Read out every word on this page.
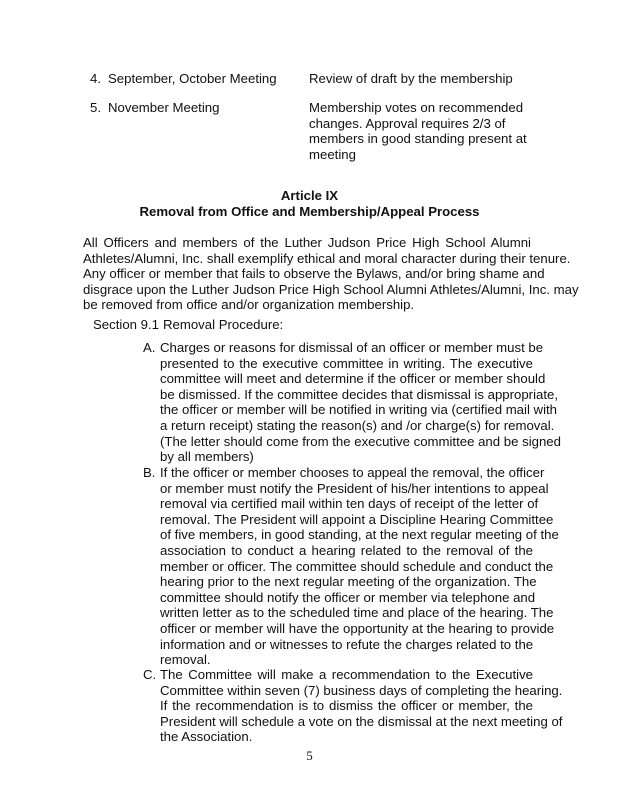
4. September, October Meeting	Review of draft by the membership
5. November Meeting	Membership votes on recommended
changes. Approval requires 2/3 of
members in good standing present at
meeting
Article IX
Removal from Office and Membership/Appeal Process
All Officers and members of the Luther Judson Price High School Alumni
Athletes/Alumni, Inc. shall exemplify ethical and moral character during their tenure.
Any officer or member that fails to observe the Bylaws, and/or bring shame and
disgrace upon the Luther Judson Price High School Alumni Athletes/Alumni, Inc. may
be removed from office and/or organization membership.
Section 9.1 Removal Procedure:
A. Charges or reasons for dismissal of an officer or member must be
presented to the executive committee in writing. The executive
committee will meet and determine if the officer or member should
be dismissed. If the committee decides that dismissal is appropriate,
the officer or member will be notified in writing via (certified mail with
a return receipt) stating the reason(s) and /or charge(s) for removal.
(The letter should come from the executive committee and be signed
by all members)
B. If the officer or member chooses to appeal the removal, the officer
or member must notify the President of his/her intentions to appeal
removal via certified mail within ten days of receipt of the letter of
removal. The President will appoint a Discipline Hearing Committee
of five members, in good standing, at the next regular meeting of the
association to conduct a hearing related to the removal of the
member or officer. The committee should schedule and conduct the
hearing prior to the next regular meeting of the organization. The
committee should notify the officer or member via telephone and
written letter as to the scheduled time and place of the hearing. The
officer or member will have the opportunity at the hearing to provide
information and or witnesses to refute the charges related to the
removal.
C. The Committee will make a recommendation to the Executive
Committee within seven (7) business days of completing the hearing.
If the recommendation is to dismiss the officer or member, the
President will schedule a vote on the dismissal at the next meeting of
the Association.
5
